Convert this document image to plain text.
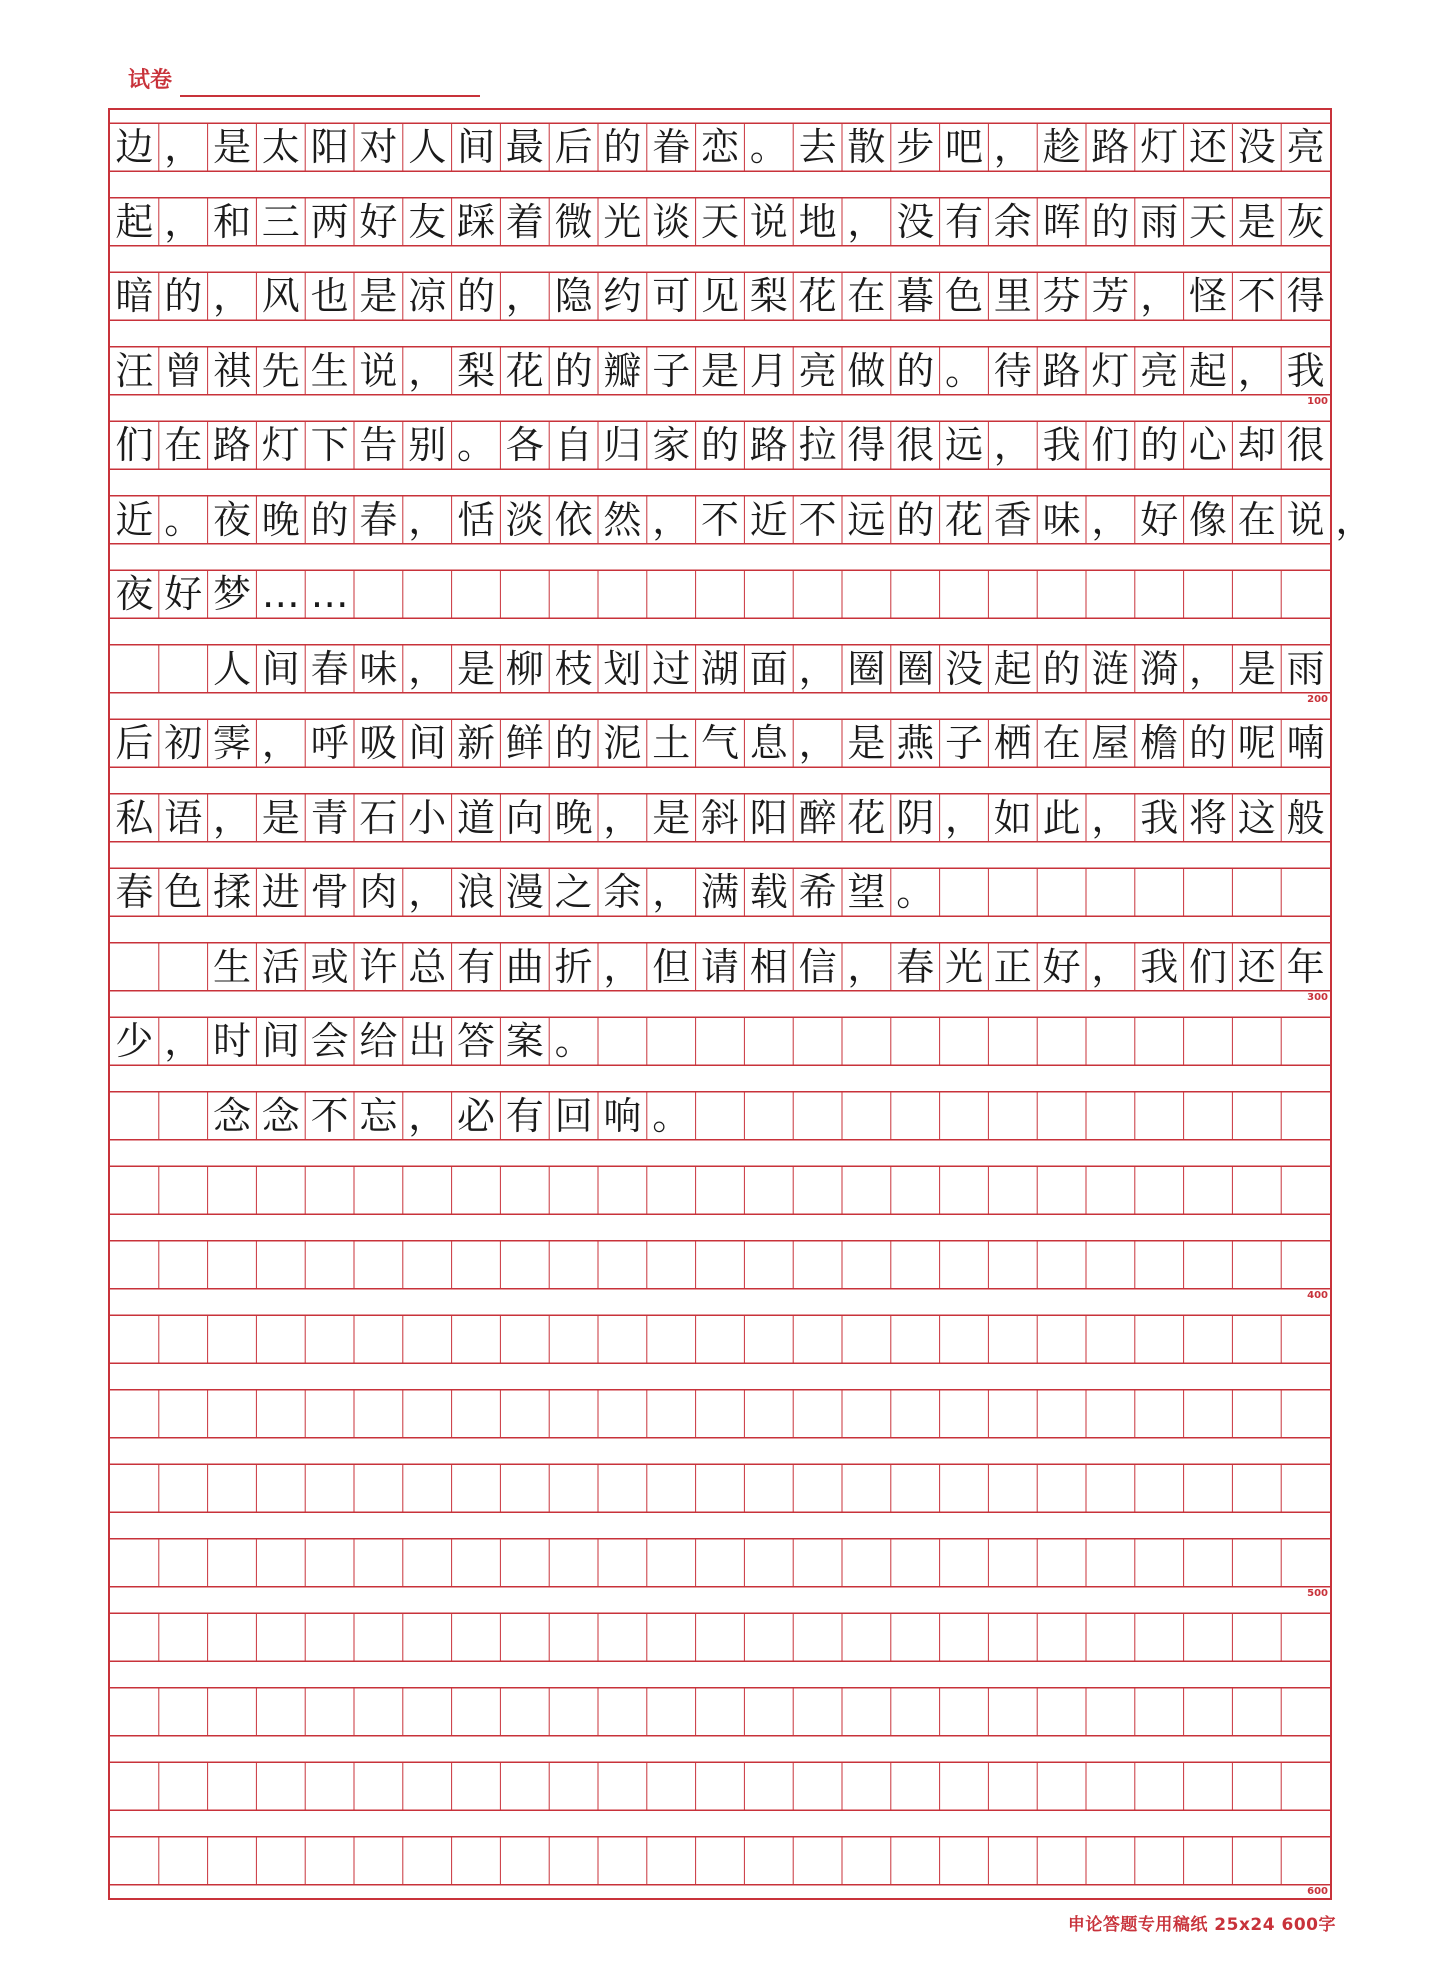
试卷
边 ， 是 太 阳 对 人 间 最 后 的 眷 恋 。 去 散 步 吧 ， 趁 路 灯 还 没 亮
起 ， 和 三 两 好 友 踩 着 微 光 谈 天 说 地 ， 没 有 余 晖 的 雨 天 是 灰
暗 的 ， 风 也 是 凉 的 ， 隐 约 可 见 梨 花 在 暮 色 里 芬 芳 ， 怪 不 得
汪 曾 祺 先 生 说 ， 梨 花 的 瓣 子 是 月 亮 做 的 。 待 路 灯 亮 起 ， 我
们 在 路 灯 下 告 别 。 各 自 归 家 的 路 拉 得 很 远 ， 我 们 的 心 却 很
近 。 夜 晚 的 春 ， 恬 淡 依 然 ， 不 近 不 远 的 花 香 味 ， 好 像 在 说 ，
夜 好 梦 … …
人 间 春 味 ， 是 柳 枝 划 过 湖 面 ， 圈 圈 没 起 的 涟 漪 ， 是 雨
后 初 霁 ， 呼 吸 间 新 鲜 的 泥 土 气 息 ， 是 燕 子 栖 在 屋 檐 的 呢 喃
私 语 ， 是 青 石 小 道 向 晚 ， 是 斜 阳 醉 花 阴 ， 如 此 ， 我 将 这 般
春 色 揉 进 骨 肉 ， 浪 漫 之 余 ， 满 载 希 望 。
生 活 或 许 总 有 曲 折 ， 但 请 相 信 ， 春 光 正 好 ， 我 们 还 年
少 ， 时 间 会 给 出 答 案 。
念 念 不 忘 ， 必 有 回 响 。
100
200
300
400
500
600
申论答题专用稿纸 25x24 600字
